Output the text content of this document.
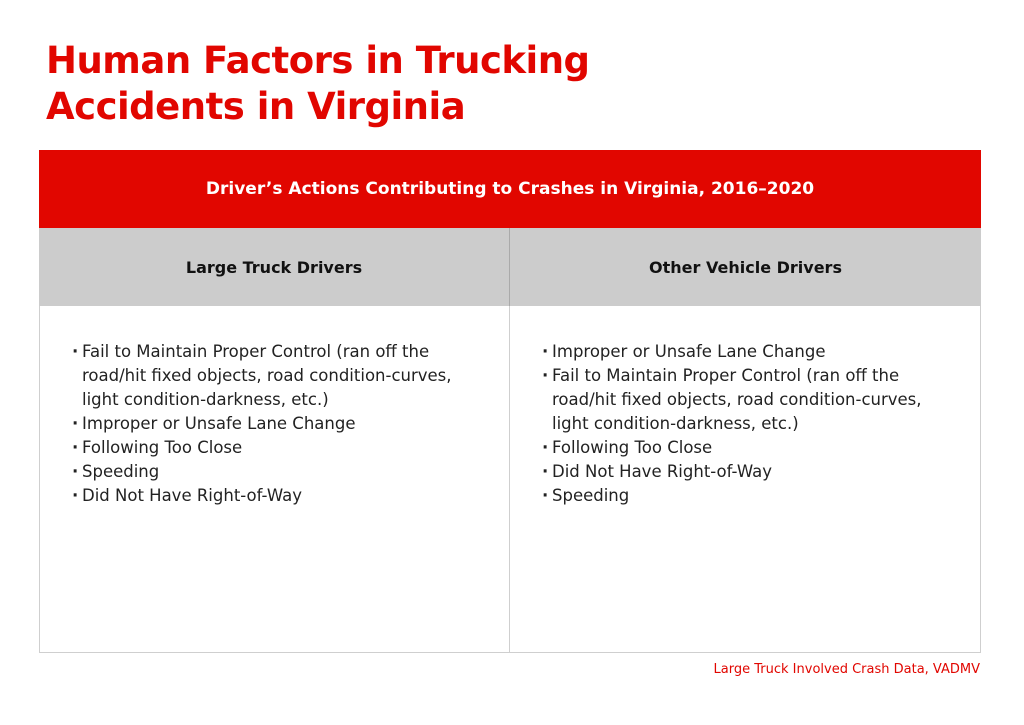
Human Factors in Trucking
Accidents in Virginia
Driver’s Actions Contributing to Crashes in Virginia, 2016–2020
Large Truck Drivers	Other Vehicle Drivers
· Fail to Maintain Proper Control (ran off the road/hit fixed objects, road condition-curves, light condition-darkness, etc.)
· Improper or Unsafe Lane Change
· Following Too Close
· Speeding
· Did Not Have Right-of-Way
· Improper or Unsafe Lane Change
· Fail to Maintain Proper Control (ran off the road/hit fixed objects, road condition-curves, light condition-darkness, etc.)
· Following Too Close
· Did Not Have Right-of-Way
· Speeding
Large Truck Involved Crash Data, VADMV
